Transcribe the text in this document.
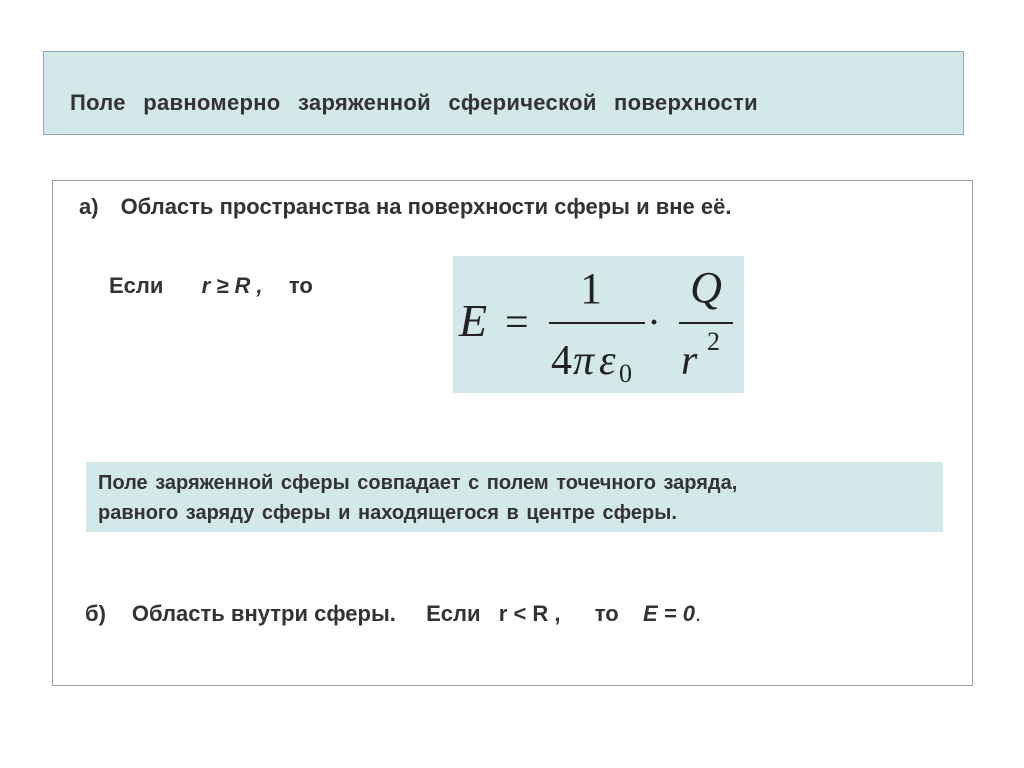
Поле равномерно заряженной сферической поверхности
а) Область пространства на поверхности сферы и вне её.
Если r ≥ R , то
E =
1
4 π ε 0
·
Q
r 2
Поле заряженной сферы совпадает с полем точечного заряда,
равного заряду сферы и находящегося в центре сферы.
б) Область внутри сферы. Если r < R , то E = 0.
